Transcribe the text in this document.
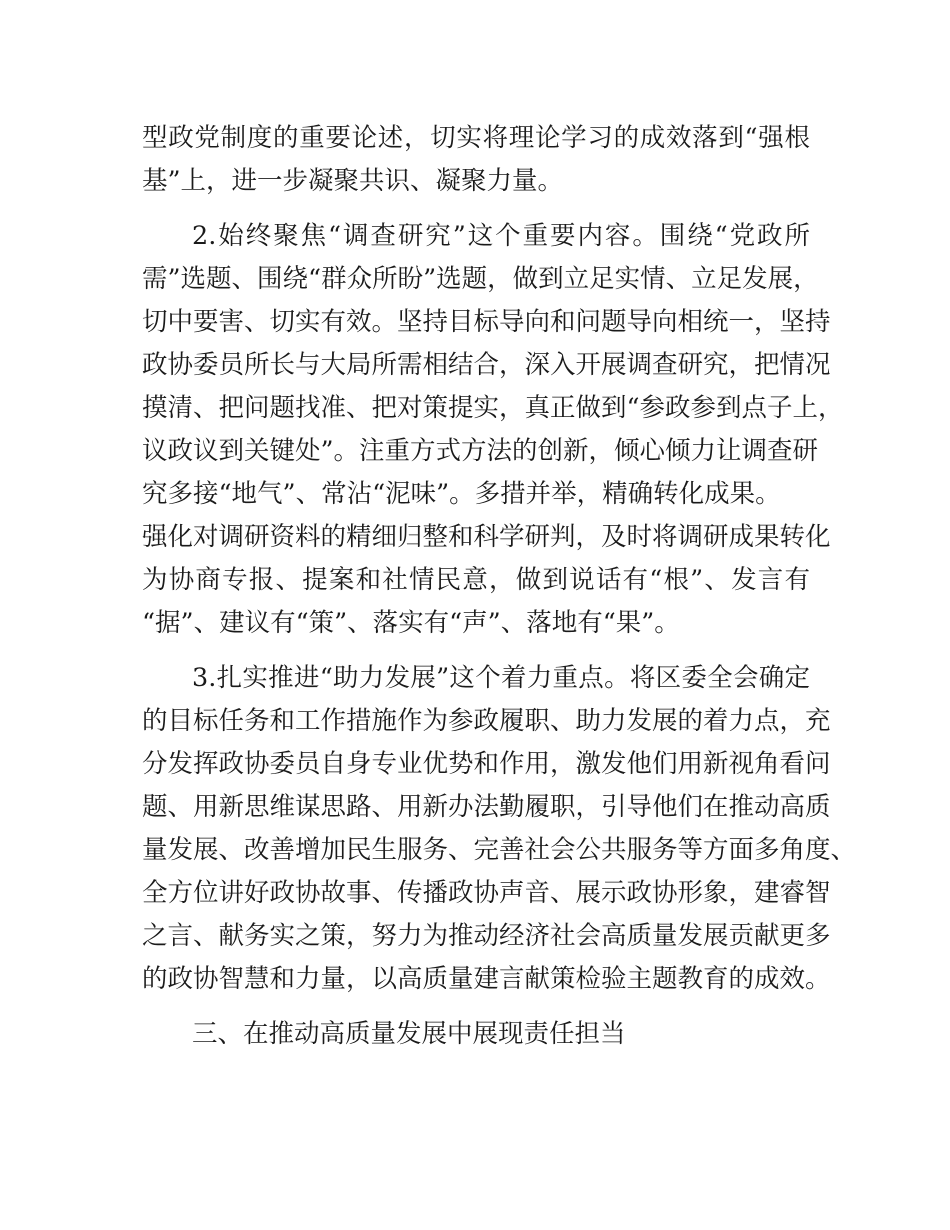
型政党制度的重要论述，切实将理论学习的成效落到“强根
基”上，进一步凝聚共识、凝聚力量。
2.始终聚焦“调查研究”这个重要内容。围绕“党政所
需”选题、围绕“群众所盼”选题，做到立足实情、立足发展，
切中要害、切实有效。坚持目标导向和问题导向相统一，坚持
政协委员所长与大局所需相结合，深入开展调查研究，把情况
摸清、把问题找准、把对策提实，真正做到“参政参到点子上，
议政议到关键处”。注重方式方法的创新，倾心倾力让调查研
究多接“地气”、常沾“泥味”。多措并举，精确转化成果。
强化对调研资料的精细归整和科学研判，及时将调研成果转化
为协商专报、提案和社情民意，做到说话有“根”、发言有
“据”、建议有“策”、落实有“声”、落地有“果”。
3.扎实推进“助力发展”这个着力重点。将区委全会确定
的目标任务和工作措施作为参政履职、助力发展的着力点，充
分发挥政协委员自身专业优势和作用，激发他们用新视角看问
题、用新思维谋思路、用新办法勤履职，引导他们在推动高质
量发展、改善增加民生服务、完善社会公共服务等方面多角度、
全方位讲好政协故事、传播政协声音、展示政协形象，建睿智
之言、献务实之策，努力为推动经济社会高质量发展贡献更多
的政协智慧和力量，以高质量建言献策检验主题教育的成效。
三、在推动高质量发展中展现责任担当
